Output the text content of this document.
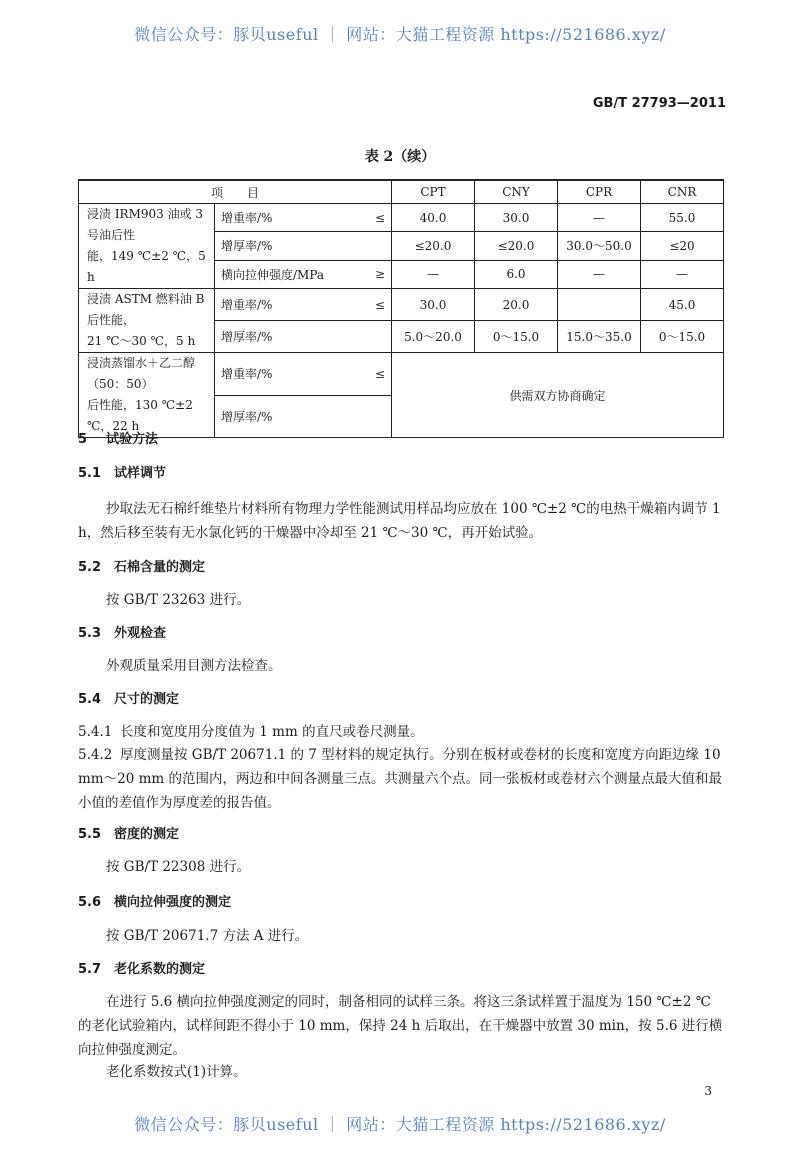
微信公众号：豚贝useful ｜ 网站：大猫工程资源 https://521686.xyz/
GB/T 27793—2011
表 2（续）
项　　目			CPT	CNY	CPR	CNR

浸渍 IRM903 油或 3 号油后性
能，149 ℃±2 ℃，5 h	增重率/%	≤	40.0	30.0	—	55.0
	增厚率/%		≤20.0	≤20.0	30.0～50.0	≤20
	横向拉伸强度/MPa	≥	—	6.0	—	—

浸渍 ASTM 燃料油 B 后性能，
21 ℃～30 ℃，5 h	增重率/%	≤	30.0	20.0		45.0
	增厚率/%		5.0～20.0	0～15.0	15.0～35.0	0～15.0

浸渍蒸馏水＋乙二醇（50：50）
后性能，130 ℃±2 ℃，22 h	增重率/%	≤	供需双方协商确定			
	增厚率/%					
5 试验方法
5.1 试样调节
抄取法无石棉纤维垫片材料所有物理力学性能测试用样品均应放在 100 ℃±2 ℃的电热干燥箱内调节 1 h，然后移至装有无水氯化钙的干燥器中冷却至 21 ℃～30 ℃，再开始试验。
5.2 石棉含量的测定
按 GB/T 23263 进行。
5.3 外观检查
外观质量采用目测方法检查。
5.4 尺寸的测定
5.4.1 长度和宽度用分度值为 1 mm 的直尺或卷尺测量。
5.4.2 厚度测量按 GB/T 20671.1 的 7 型材料的规定执行。分别在板材或卷材的长度和宽度方向距边缘 10 mm～20 mm 的范围内，两边和中间各测量三点。共测量六个点。同一张板材或卷材六个测量点最大值和最小值的差值作为厚度差的报告值。
5.5 密度的测定
按 GB/T 22308 进行。
5.6 横向拉伸强度的测定
按 GB/T 20671.7 方法 A 进行。
5.7 老化系数的测定
在进行 5.6 横向拉伸强度测定的同时，制备相同的试样三条。将这三条试样置于温度为 150 ℃±2 ℃ 的老化试验箱内，试样间距不得小于 10 mm，保持 24 h 后取出，在干燥器中放置 30 min，按 5.6 进行横向拉伸强度测定。
老化系数按式(1)计算。
3
微信公众号：豚贝useful ｜ 网站：大猫工程资源 https://521686.xyz/
